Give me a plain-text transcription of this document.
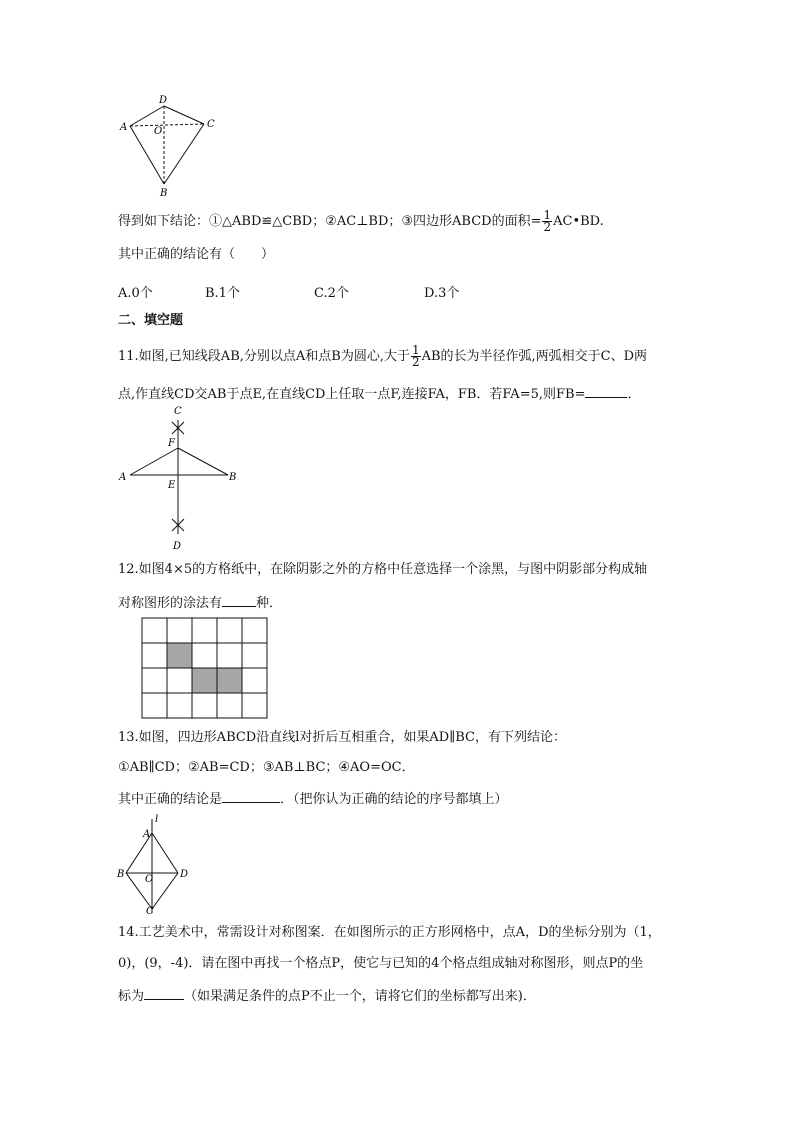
D
C
A	O
B
得到如下结论：①△ABD≌△CBD；②AC⊥BD；③四边形ABCD的面积= $\frac{1}{2}$ AC•BD.
其中正确的结论有（　　）
A.0个	B.1个	C.2个	D.3个
二、填空题
11.如图,已知线段AB,分别以点A和点B为圆心,大于 $\frac{1}{2}$ AB的长为半径作弧,两弧相交于C、D两
点,作直线CD交AB于点E,在直线CD上任取一点F,连接FA，FB．若FA=5,则FB=	．
C
F
A	B
E
D
12.如图4×5的方格纸中，在除阴影之外的方格中任意选择一个涂黑，与图中阴影部分构成轴
对称图形的涂法有	种．
13.如图，四边形ABCD沿直线l对折后互相重合，如果AD∥BC，有下列结论：
①AB∥CD；②AB=CD；③AB⊥BC；④AO=OC．
其中正确的结论是	．（把你认为正确的结论的序号都填上）
l
A
B O	D
C
14.工艺美术中，常需设计对称图案．在如图所示的正方形网格中，点A，D的坐标分别为（1，
0)，(9，-4)．请在图中再找一个格点P，使它与已知的4个格点组成轴对称图形，则点P的坐
标为	（如果满足条件的点P不止一个，请将它们的坐标都写出来)．
